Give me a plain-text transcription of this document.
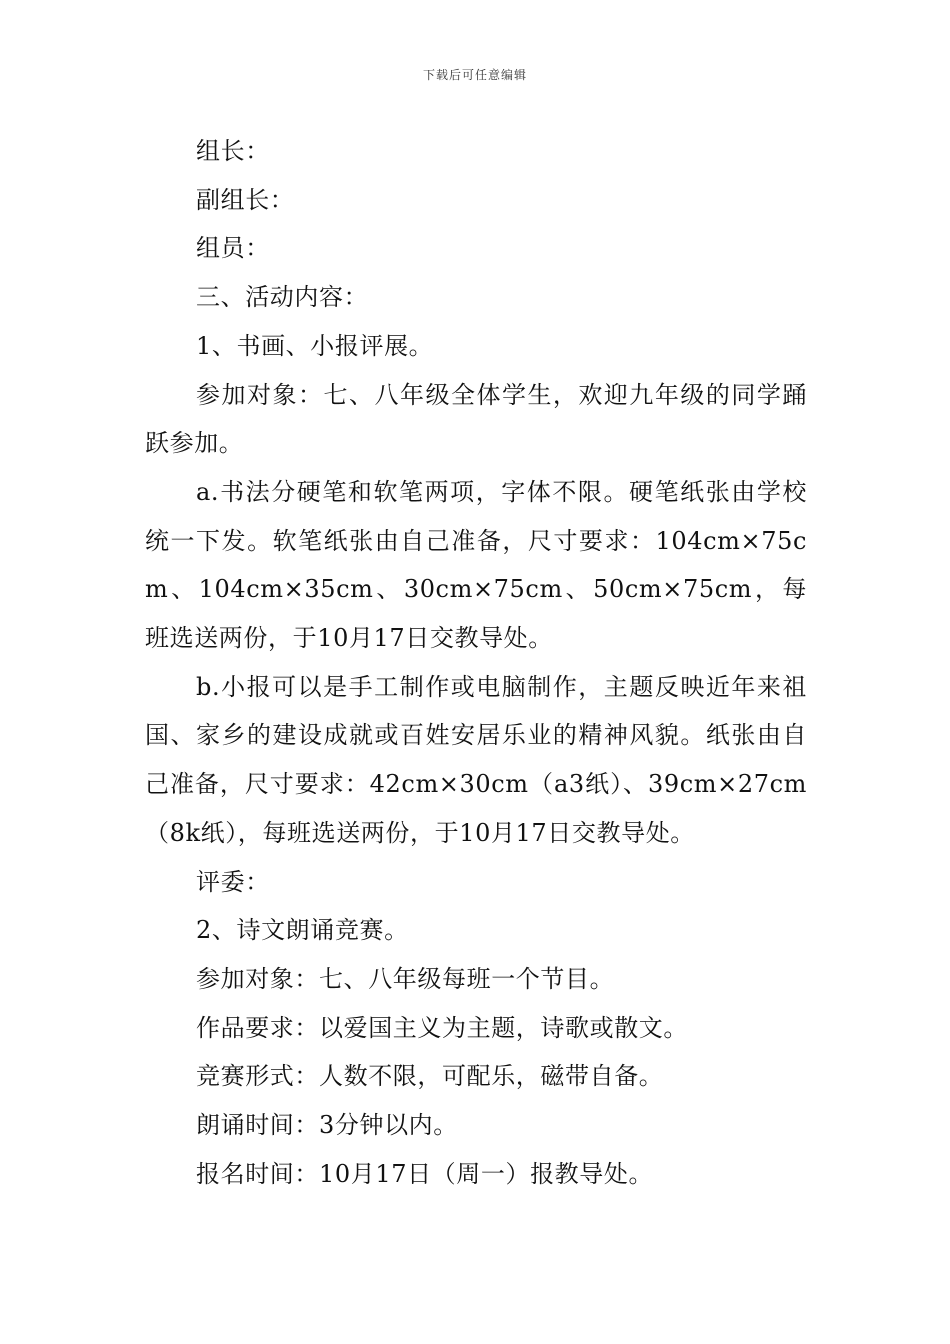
下载后可任意编辑

组长：

副组长：

组员：

三、活动内容：

1、书画、小报评展。

参加对象：七、八年级全体学生，欢迎九年级的同学踊跃参加。

a.书法分硬笔和软笔两项，字体不限。硬笔纸张由学校统一下发。软笔纸张由自己准备，尺寸要求：104cm×75cm、104cm×35cm、30cm×75cm、50cm×75cm，每班选送两份，于10月17日交教导处。

b.小报可以是手工制作或电脑制作，主题反映近年来祖国、家乡的建设成就或百姓安居乐业的精神风貌。纸张由自己准备，尺寸要求：42cm×30cm（a3纸）、39cm×27cm（8k纸），每班选送两份，于10月17日交教导处。

评委：

2、诗文朗诵竞赛。

参加对象：七、八年级每班一个节目。

作品要求：以爱国主义为主题，诗歌或散文。

竞赛形式：人数不限，可配乐，磁带自备。

朗诵时间：3分钟以内。

报名时间：10月17日（周一）报教导处。
